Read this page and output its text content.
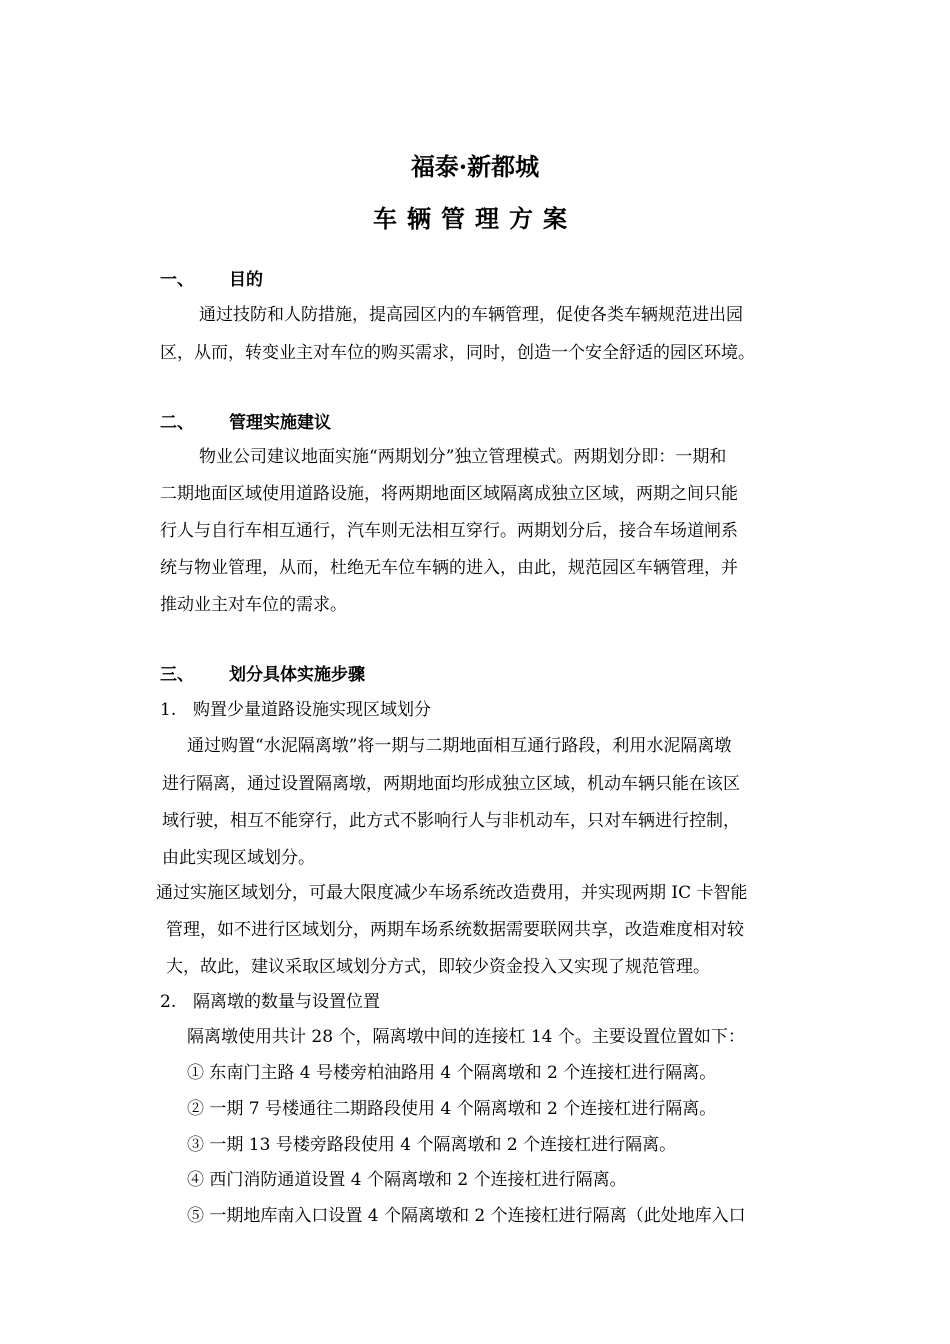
福泰·新都城
车辆管理方案
一、 目的
通过技防和人防措施，提高园区内的车辆管理，促使各类车辆规范进出园
区，从而，转变业主对车位的购买需求，同时，创造一个安全舒适的园区环境。
二、 管理实施建议
物业公司建议地面实施“两期划分”独立管理模式。两期划分即：一期和
二期地面区域使用道路设施，将两期地面区域隔离成独立区域，两期之间只能
行人与自行车相互通行，汽车则无法相互穿行。两期划分后，接合车场道闸系
统与物业管理，从而，杜绝无车位车辆的进入，由此，规范园区车辆管理，并
推动业主对车位的需求。
三、 划分具体实施步骤
1. 购置少量道路设施实现区域划分
通过购置“水泥隔离墩”将一期与二期地面相互通行路段，利用水泥隔离墩
进行隔离，通过设置隔离墩，两期地面均形成独立区域，机动车辆只能在该区
域行驶，相互不能穿行，此方式不影响行人与非机动车，只对车辆进行控制，
由此实现区域划分。
通过实施区域划分，可最大限度减少车场系统改造费用，并实现两期 IC 卡智能
管理，如不进行区域划分，两期车场系统数据需要联网共享，改造难度相对较
大，故此，建议采取区域划分方式，即较少资金投入又实现了规范管理。
2. 隔离墩的数量与设置位置
隔离墩使用共计 28 个，隔离墩中间的连接杠 14 个。主要设置位置如下：
① 东南门主路 4 号楼旁柏油路用 4 个隔离墩和 2 个连接杠进行隔离。
② 一期 7 号楼通往二期路段使用 4 个隔离墩和 2 个连接杠进行隔离。
③ 一期 13 号楼旁路段使用 4 个隔离墩和 2 个连接杠进行隔离。
④ 西门消防通道设置 4 个隔离墩和 2 个连接杠进行隔离。
⑤ 一期地库南入口设置 4 个隔离墩和 2 个连接杠进行隔离（此处地库入口
